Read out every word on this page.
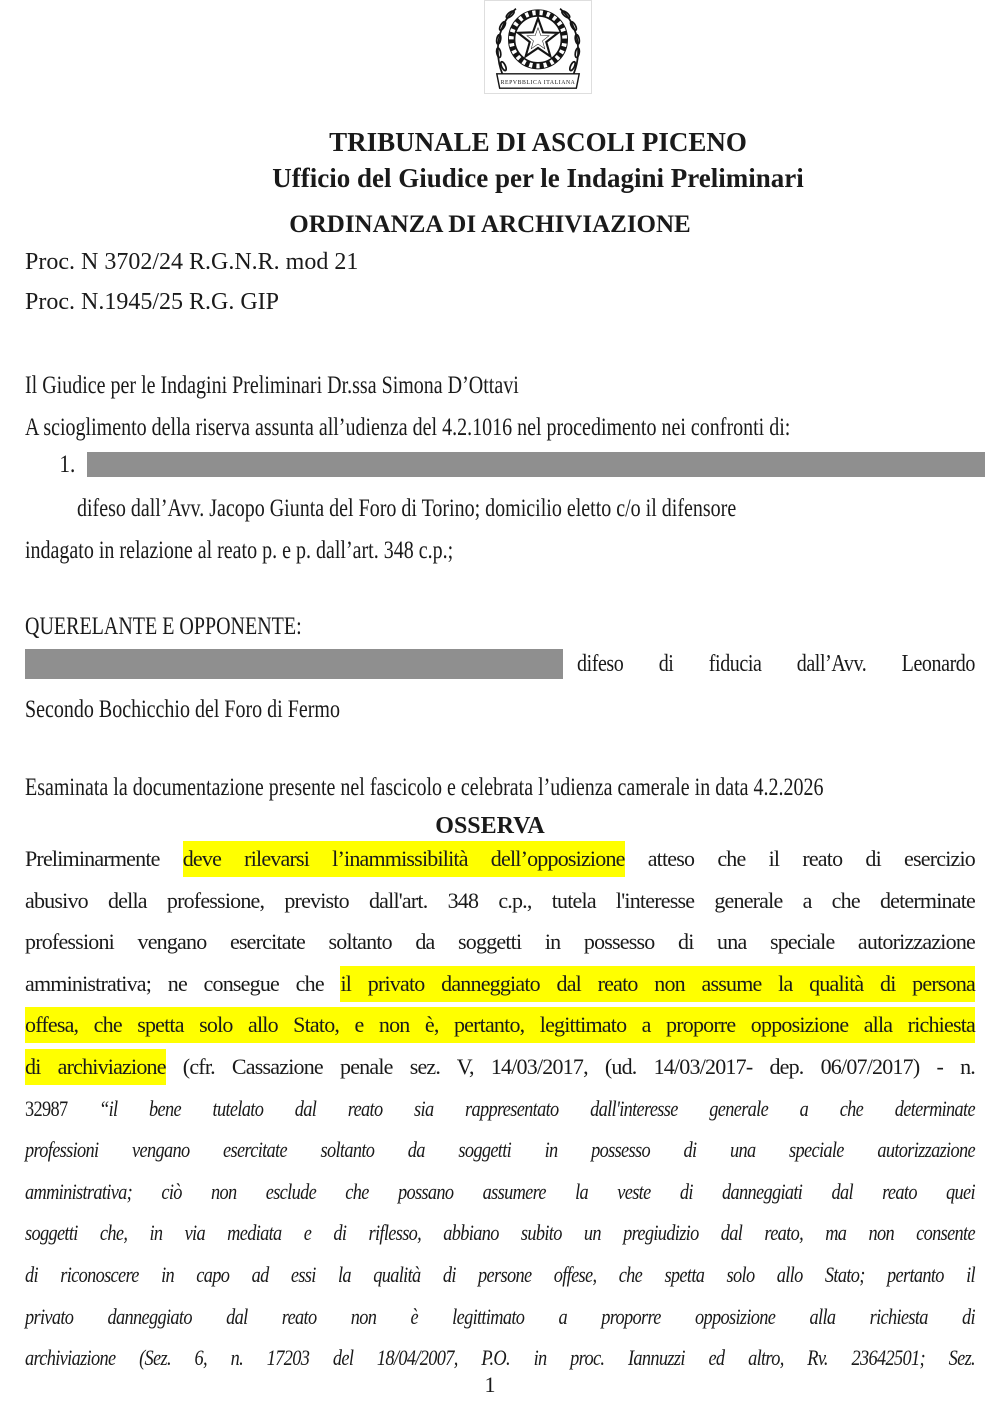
REPVBBLICA ITALIANA
TRIBUNALE DI ASCOLI PICENO
Ufficio del Giudice per le Indagini Preliminari
ORDINANZA DI ARCHIVIAZIONE
Proc. N 3702/24 R.G.N.R. mod 21
Proc. N.1945/25 R.G. GIP
Il Giudice per le Indagini Preliminari Dr.ssa Simona D’Ottavi
A scioglimento della riserva assunta all’udienza del 4.2.1016 nel procedimento nei confronti di:
1.
difeso dall’Avv. Jacopo Giunta del Foro di Torino; domicilio eletto c/o il difensore
indagato in relazione al reato p. e p. dall’art. 348 c.p.;
QUERELANTE E OPPONENTE:
difeso di fiducia dall’Avv. Leonardo
Secondo Bochicchio del Foro di Fermo
Esaminata la documentazione presente nel fascicolo e celebrata l’udienza camerale in data 4.2.2026
OSSERVA
Preliminarmente deve rilevarsi l’inammissibilità dell’opposizione atteso che il reato di esercizio
abusivo della professione, previsto dall'art. 348 c.p., tutela l'interesse generale a che determinate
professioni vengano esercitate soltanto da soggetti in possesso di una speciale autorizzazione
amministrativa; ne consegue che il privato danneggiato dal reato non assume la qualità di persona
offesa, che spetta solo allo Stato, e non è, pertanto, legittimato a proporre opposizione alla richiesta
di archiviazione (cfr. Cassazione penale sez. V, 14/03/2017, (ud. 14/03/2017- dep. 06/07/2017) - n.
32987 “il bene tutelato dal reato sia rappresentato dall'interesse generale a che determinate
professioni vengano esercitate soltanto da soggetti in possesso di una speciale autorizzazione
amministrativa; ciò non esclude che possano assumere la veste di danneggiati dal reato quei
soggetti che, in via mediata e di riflesso, abbiano subito un pregiudizio dal reato, ma non consente
di riconoscere in capo ad essi la qualità di persone offese, che spetta solo allo Stato; pertanto il
privato danneggiato dal reato non è legittimato a proporre opposizione alla richiesta di
archiviazione (Sez. 6, n. 17203 del 18/04/2007, P.O. in proc. Iannuzzi ed altro, Rv. 23642501; Sez.
1
